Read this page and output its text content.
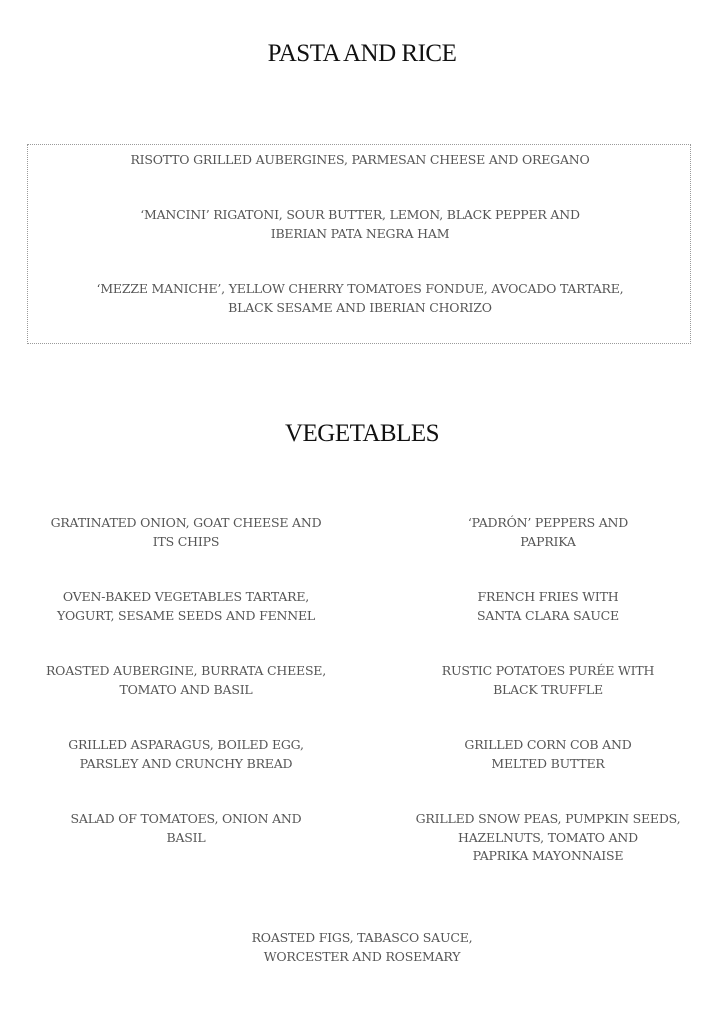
PASTA AND RICE
RISOTTO GRILLED AUBERGINES, PARMESAN CHEESE AND OREGANO
‘MANCINI’ RIGATONI, SOUR BUTTER, LEMON, BLACK PEPPER AND
IBERIAN PATA NEGRA HAM
‘MEZZE MANICHE’, YELLOW CHERRY TOMATOES FONDUE, AVOCADO TARTARE,
BLACK SESAME AND IBERIAN CHORIZO
VEGETABLES
GRATINATED ONION, GOAT CHEESE AND
ITS CHIPS
OVEN-BAKED VEGETABLES TARTARE,
YOGURT, SESAME SEEDS AND FENNEL
ROASTED AUBERGINE, BURRATA CHEESE,
TOMATO AND BASIL
GRILLED ASPARAGUS, BOILED EGG,
PARSLEY AND CRUNCHY BREAD
SALAD OF TOMATOES, ONION AND
BASIL
‘PADRÓN’ PEPPERS AND
PAPRIKA
FRENCH FRIES WITH
SANTA CLARA SAUCE
RUSTIC POTATOES PURÉE WITH
BLACK TRUFFLE
GRILLED CORN COB AND
MELTED BUTTER
GRILLED SNOW PEAS, PUMPKIN SEEDS,
HAZELNUTS, TOMATO AND
PAPRIKA MAYONNAISE
ROASTED FIGS, TABASCO SAUCE,
WORCESTER AND ROSEMARY
